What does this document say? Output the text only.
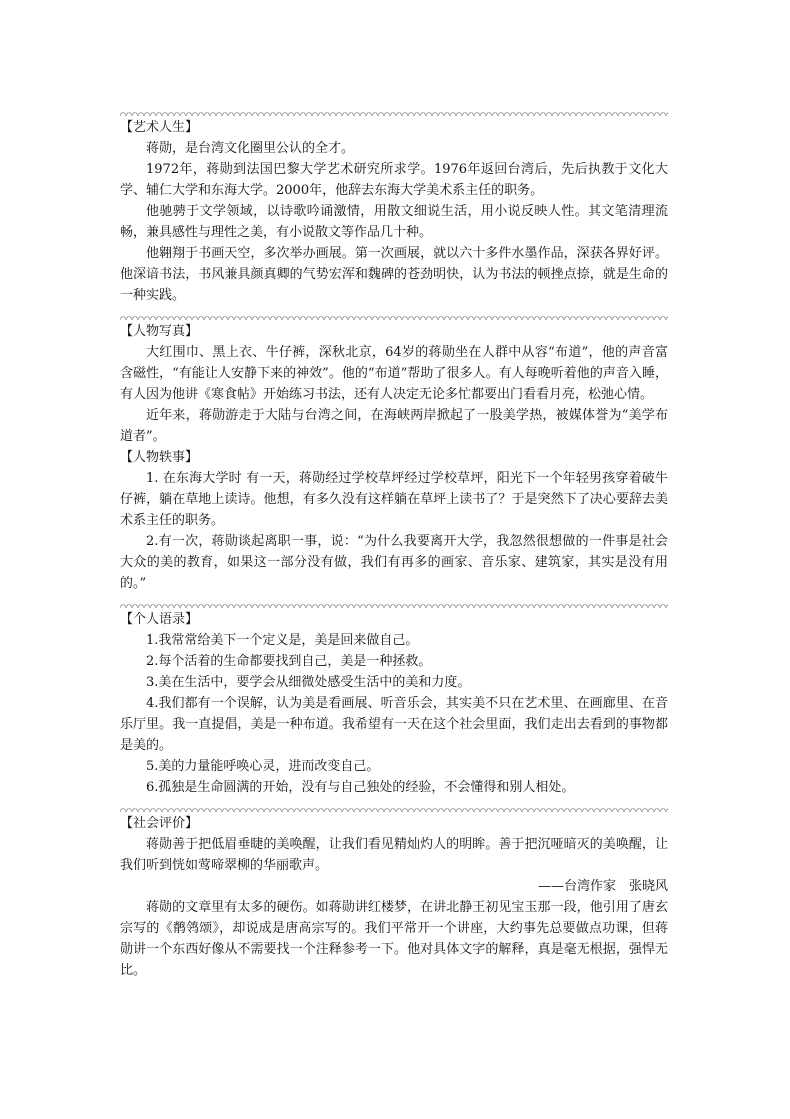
【艺术人生】

蒋勋，是台湾文化圈里公认的全才。

1972年，蒋勋到法国巴黎大学艺术研究所求学。1976年返回台湾后，先后执教于文化大学、辅仁大学和东海大学。2000年，他辞去东海大学美术系主任的职务。

他驰骋于文学领域，以诗歌吟诵激情，用散文细说生活，用小说反映人性。其文笔清理流畅，兼具感性与理性之美，有小说散文等作品几十种。

他翱翔于书画天空，多次举办画展。第一次画展，就以六十多件水墨作品，深获各界好评。他深谙书法，书风兼具颜真卿的气势宏浑和魏碑的苍劲明快，认为书法的顿挫点捺，就是生命的一种实践。

【人物写真】

大红围巾、黑上衣、牛仔裤，深秋北京，64岁的蒋勋坐在人群中从容“布道”，他的声音富含磁性，“有能让人安静下来的神效”。他的“布道”帮助了很多人。有人每晚听着他的声音入睡，有人因为他讲《寒食帖》开始练习书法，还有人决定无论多忙都要出门看看月亮，松弛心情。

近年来，蒋勋游走于大陆与台湾之间，在海峡两岸掀起了一股美学热，被媒体誉为“美学布道者”。

【人物轶事】

1. 在东海大学时 有一天，蒋勋经过学校草坪经过学校草坪，阳光下一个年轻男孩穿着破牛仔裤，躺在草地上读诗。他想，有多久没有这样躺在草坪上读书了？于是突然下了决心要辞去美术系主任的职务。

2.有一次，蒋勋谈起离职一事，说：“为什么我要离开大学，我忽然很想做的一件事是社会大众的美的教育，如果这一部分没有做，我们有再多的画家、音乐家、建筑家，其实是没有用的。”

【个人语录】

1.我常常给美下一个定义是，美是回来做自己。

2.每个活着的生命都要找到自己，美是一种拯救。

3.美在生活中，要学会从细微处感受生活中的美和力度。

4.我们都有一个误解，认为美是看画展、听音乐会，其实美不只在艺术里、在画廊里、在音乐厅里。我一直提倡，美是一种布道。我希望有一天在这个社会里面，我们走出去看到的事物都是美的。

5.美的力量能呼唤心灵，进而改变自己。

6.孤独是生命圆满的开始，没有与自己独处的经验，不会懂得和别人相处。

【社会评价】

蒋勋善于把低眉垂睫的美唤醒，让我们看见精灿灼人的明眸。善于把沉哑暗灭的美唤醒，让我们听到恍如莺啼翠柳的华丽歌声。

——台湾作家　张晓风

蒋勋的文章里有太多的硬伤。如蒋勋讲红楼梦，在讲北静王初见宝玉那一段，他引用了唐玄宗写的《鹡鸰颂》，却说成是唐高宗写的。我们平常开一个讲座，大约事先总要做点功课，但蒋勋讲一个东西好像从不需要找一个注释参考一下。他对具体文字的解释，真是毫无根据，强悍无比。
